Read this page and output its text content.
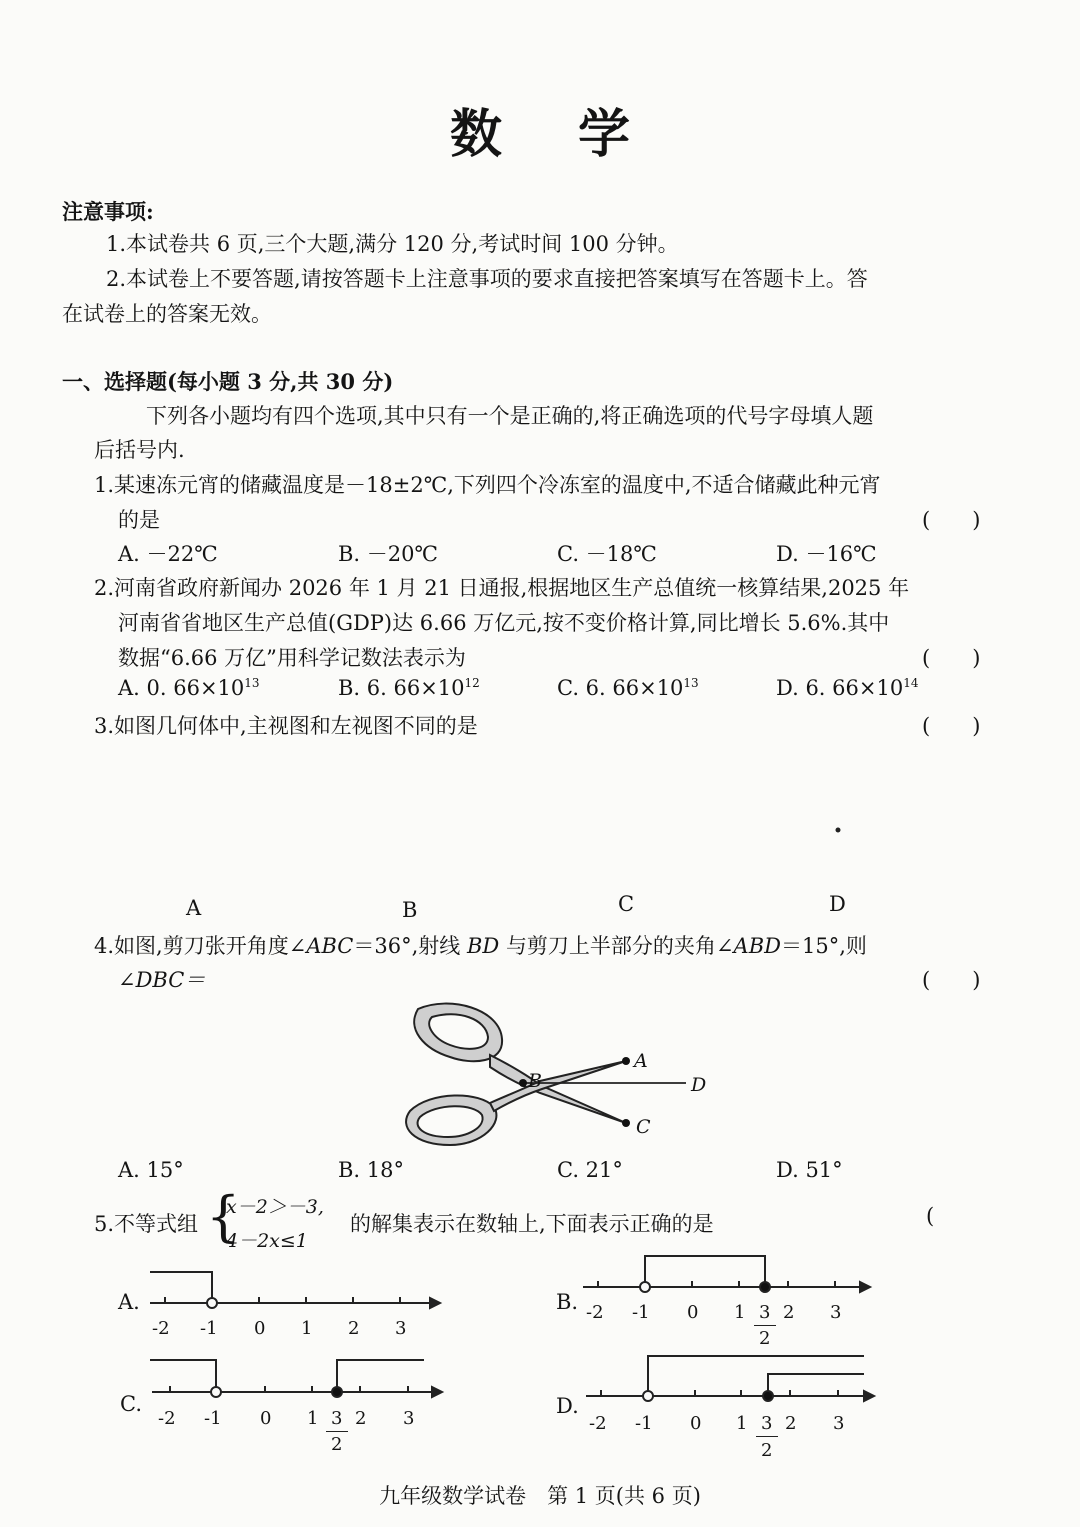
数 学
注意事项:
1.本试卷共 6 页,三个大题,满分 120 分,考试时间 100 分钟。
2.本试卷上不要答题,请按答题卡上注意事项的要求直接把答案填写在答题卡上。答
在试卷上的答案无效。
一、选择题(每小题 3 分,共 30 分)
下列各小题均有四个选项,其中只有一个是正确的,将正确选项的代号字母填人题
后括号内.
1.某速冻元宵的储藏温度是－18±2℃,下列四个冷冻室的温度中,不适合储藏此种元宵
的是	(　　)
A. －22℃	B. －20℃	C. －18℃	D. －16℃
2.河南省政府新闻办 2026 年 1 月 21 日通报,根据地区生产总值统一核算结果,2025 年
河南省省地区生产总值(GDP)达 6.66 万亿元,按不变价格计算,同比增长 5.6%.其中
数据“6.66 万亿”用科学记数法表示为	(　　)
A. 0. $66\times 10^{13}$	B. 6. $66\times 10^{12}$	C. 6. $66\times 10^{13}$	D. 6. $66\times 10^{14}$
3.如图几何体中,主视图和左视图不同的是	(　　)
A	B	C	D
4.如图,剪刀张开角度∠ABC＝36°,射线 BD 与剪刀上半部分的夹角∠ABD＝15°,则
∠DBC＝	(　　)
B
A
C
D
A. 15°	B. 18°	C. 21°	D. 51°
5.不等式组 {
x－2＞－3,
4－2x≤1
的解集表示在数轴上,下面表示正确的是	(
A.	B.
C.	D.
-2 -1 0 1 2 3
-2 -1 0 1 3
2
2 3
-2 -1 0 1 3
2
2 3	-2 -1 0 1 3
2
2 3
九年级数学试卷　第 1 页(共 6 页)
